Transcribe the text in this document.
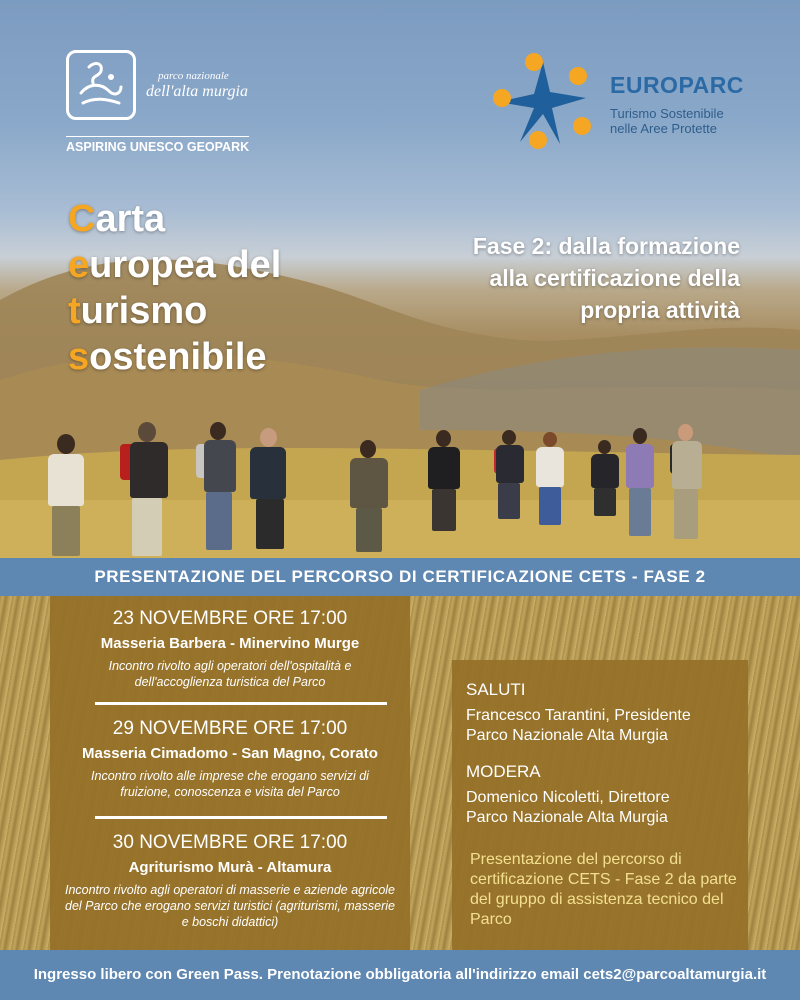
parco nazionale
dell'alta murgia
ASPIRING UNESCO GEOPARK
EUROPARC
Turismo Sostenibile
nelle Aree Protette
Carta
europea del
turismo
sostenibile
Fase 2: dalla formazione
alla certificazione della
propria attività
PRESENTAZIONE DEL PERCORSO DI CERTIFICAZIONE CETS - FASE 2
23 NOVEMBRE ORE 17:00
Masseria Barbera - Minervino Murge
Incontro rivolto agli operatori dell'ospitalità e dell'accoglienza turistica del Parco
29 NOVEMBRE ORE 17:00
Masseria Cimadomo - San Magno, Corato
Incontro rivolto alle imprese che erogano servizi di fruizione, conoscenza e visita del Parco
30 NOVEMBRE ORE 17:00
Agriturismo Murà - Altamura
Incontro rivolto agli operatori di masserie e aziende agricole del Parco che erogano servizi turistici (agriturismi, masserie e boschi didattici)
SALUTI
Francesco Tarantini, Presidente
Parco Nazionale Alta Murgia
MODERA
Domenico Nicoletti, Direttore
Parco Nazionale Alta Murgia
Presentazione del percorso di certificazione CETS - Fase 2 da parte del gruppo di assistenza tecnico del Parco
Ingresso libero con Green Pass. Prenotazione obbligatoria all'indirizzo email cets2@parcoaltamurgia.it
